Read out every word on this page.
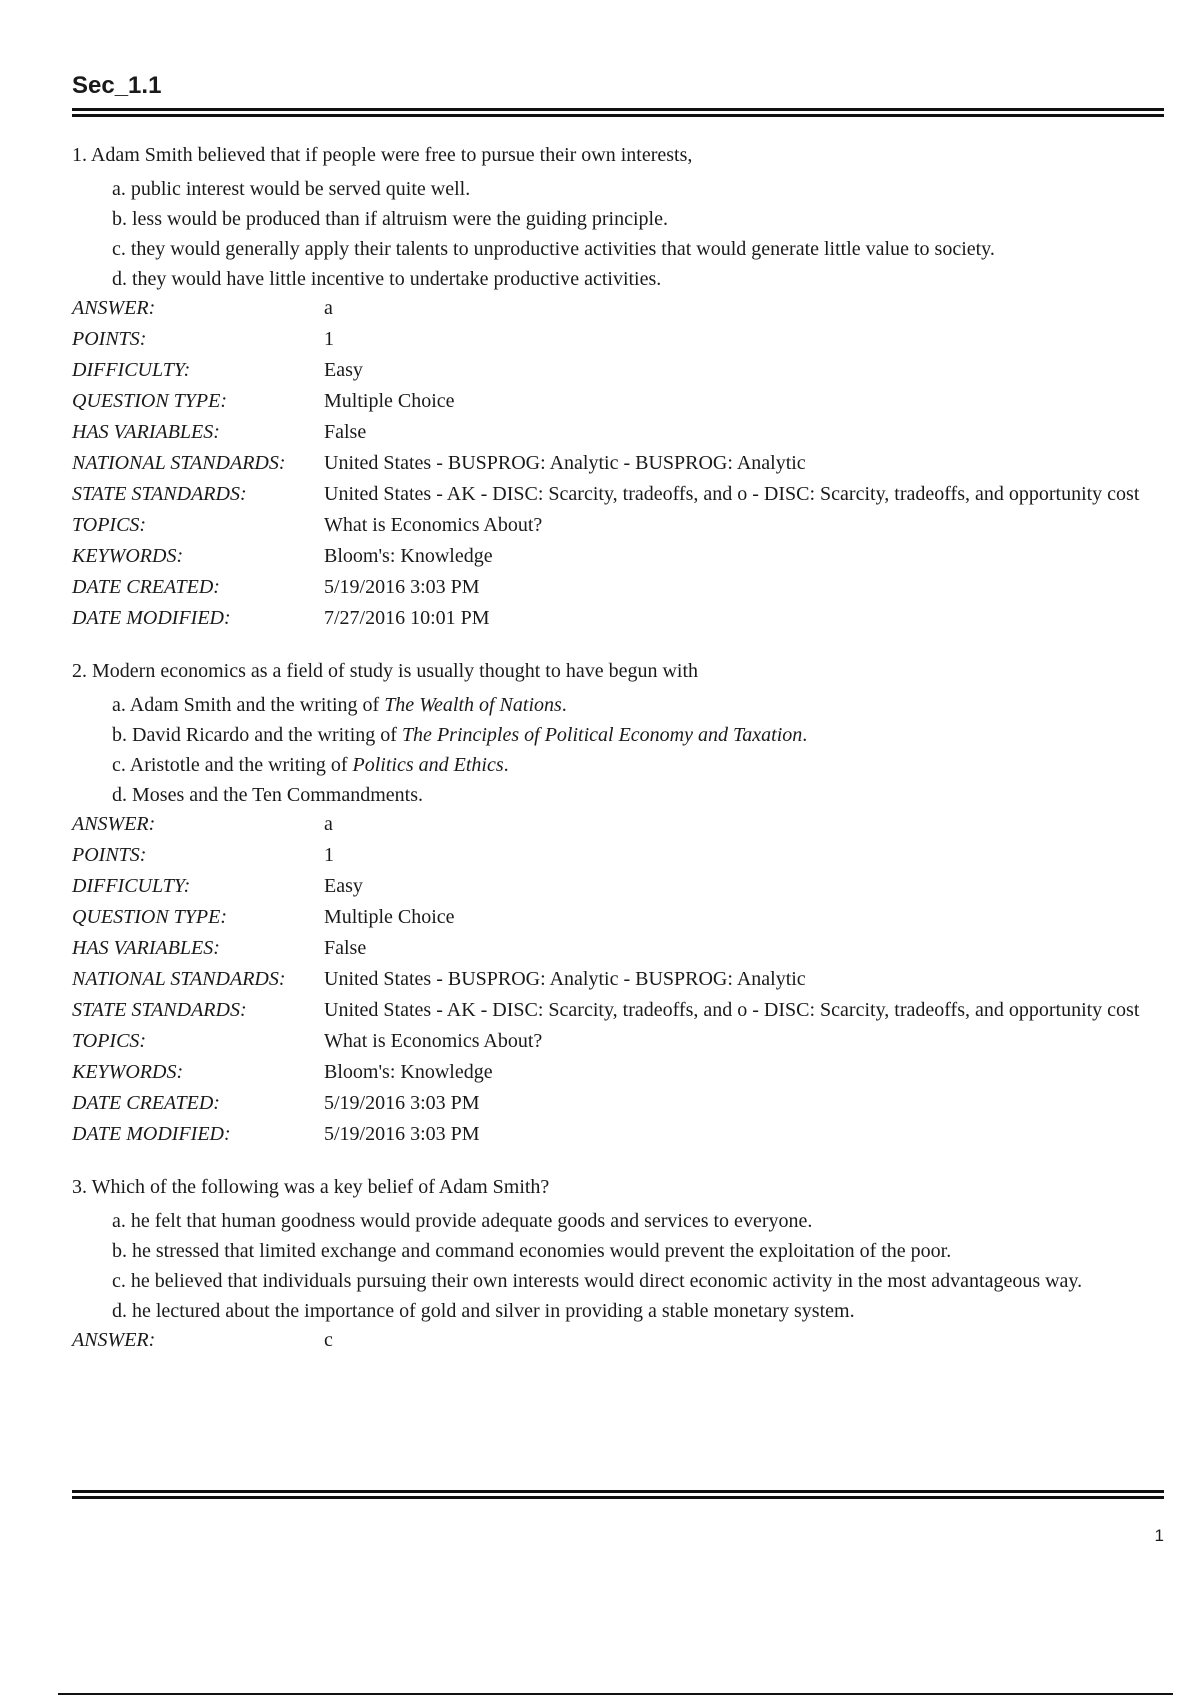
Sec_1.1

1. Adam Smith believed that if people were free to pursue their own interests,

a. public interest would be served quite well.
b. less would be produced than if altruism were the guiding principle.
c. they would generally apply their talents to unproductive activities that would generate little value to society.
d. they would have little incentive to undertake productive activities.
ANSWER:	a
POINTS:	1
DIFFICULTY:	Easy
QUESTION TYPE:	Multiple Choice
HAS VARIABLES:	False
NATIONAL STANDARDS:	United States - BUSPROG: Analytic - BUSPROG: Analytic
STATE STANDARDS:	United States - AK - DISC: Scarcity, tradeoffs, and o - DISC: Scarcity, tradeoffs, and opportunity cost
TOPICS:	What is Economics About?
KEYWORDS:	Bloom's: Knowledge
DATE CREATED:	5/19/2016 3:03 PM
DATE MODIFIED:	7/27/2016 10:01 PM

2. Modern economics as a field of study is usually thought to have begun with

a. Adam Smith and the writing of The Wealth of Nations.
b. David Ricardo and the writing of The Principles of Political Economy and Taxation.
c. Aristotle and the writing of Politics and Ethics.
d. Moses and the Ten Commandments.
ANSWER:	a
POINTS:	1
DIFFICULTY:	Easy
QUESTION TYPE:	Multiple Choice
HAS VARIABLES:	False
NATIONAL STANDARDS:	United States - BUSPROG: Analytic - BUSPROG: Analytic
STATE STANDARDS:	United States - AK - DISC: Scarcity, tradeoffs, and o - DISC: Scarcity, tradeoffs, and opportunity cost
TOPICS:	What is Economics About?
KEYWORDS:	Bloom's: Knowledge
DATE CREATED:	5/19/2016 3:03 PM
DATE MODIFIED:	5/19/2016 3:03 PM

3. Which of the following was a key belief of Adam Smith?

a. he felt that human goodness would provide adequate goods and services to everyone.
b. he stressed that limited exchange and command economies would prevent the exploitation of the poor.
c. he believed that individuals pursuing their own interests would direct economic activity in the most advantageous way.
d. he lectured about the importance of gold and silver in providing a stable monetary system.
ANSWER:	c
1
